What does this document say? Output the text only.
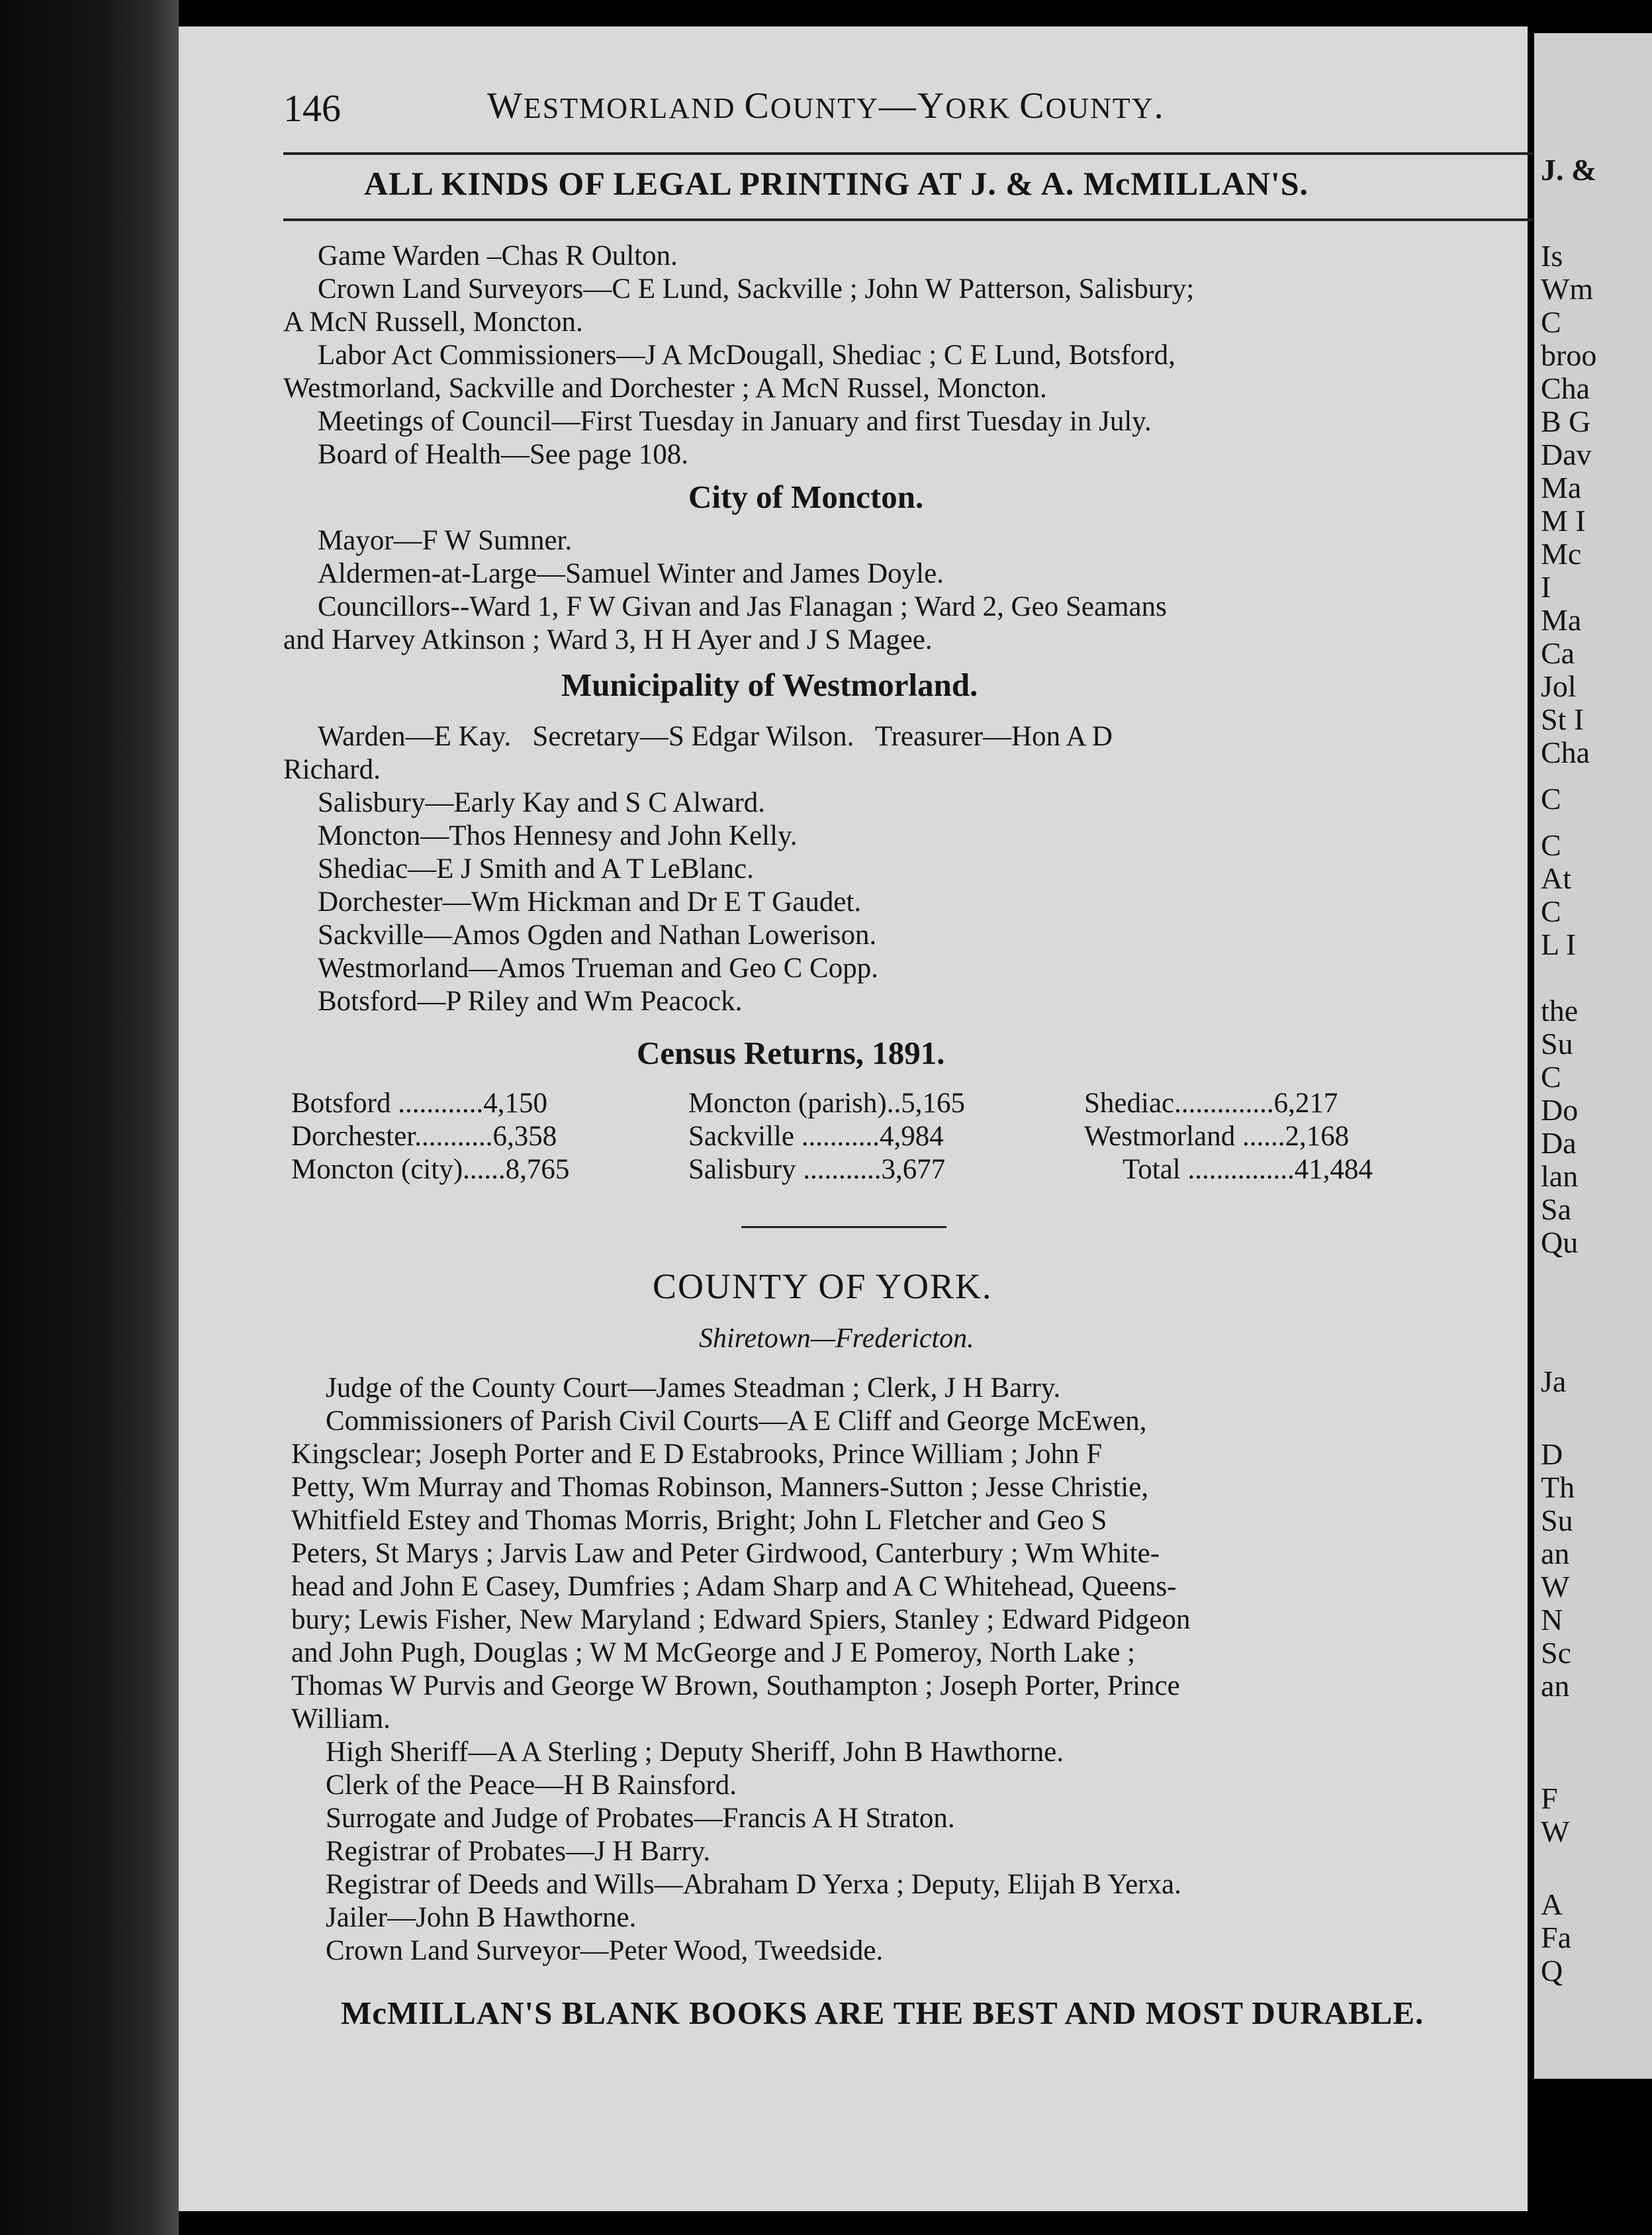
146	WESTMORLAND COUNTY—YORK COUNTY.
ALL KINDS OF LEGAL PRINTING AT J. & A. McMILLAN'S.
Game Warden –Chas R Oulton.
Crown Land Surveyors—C E Lund, Sackville ; John W Patterson, Salisbury;
A McN Russell, Moncton.
Labor Act Commissioners—J A McDougall, Shediac ; C E Lund, Botsford,
Westmorland, Sackville and Dorchester ; A McN Russel, Moncton.
Meetings of Council—First Tuesday in January and first Tuesday in July.
Board of Health—See page 108.
City of Moncton.
Mayor—F W Sumner.
Aldermen-at-Large—Samuel Winter and James Doyle.
Councillors--Ward 1, F W Givan and Jas Flanagan ; Ward 2, Geo Seamans
and Harvey Atkinson ; Ward 3, H H Ayer and J S Magee.
Municipality of Westmorland.
Warden—E Kay.   Secretary—S Edgar Wilson.   Treasurer—Hon A D
Richard.
Salisbury—Early Kay and S C Alward.
Moncton—Thos Hennesy and John Kelly.
Shediac—E J Smith and A T LeBlanc.
Dorchester—Wm Hickman and Dr E T Gaudet.
Sackville—Amos Ogden and Nathan Lowerison.
Westmorland—Amos Trueman and Geo C Copp.
Botsford—P Riley and Wm Peacock.
Census Returns, 1891.
Botsford ............4,150	Moncton (parish)..5,165	Shediac..............6,217
Dorchester...........6,358	Sackville ...........4,984	Westmorland ......2,168
Moncton (city)......8,765	Salisbury ...........3,677	Total ...............41,484
COUNTY OF YORK.
Shiretown—Fredericton.
Judge of the County Court—James Steadman ; Clerk, J H Barry.
Commissioners of Parish Civil Courts—A E Cliff and George McEwen,
Kingsclear; Joseph Porter and E D Estabrooks, Prince William ; John F
Petty, Wm Murray and Thomas Robinson, Manners-Sutton ; Jesse Christie,
Whitfield Estey and Thomas Morris, Bright; John L Fletcher and Geo S
Peters, St Marys ; Jarvis Law and Peter Girdwood, Canterbury ; Wm White-
head and John E Casey, Dumfries ; Adam Sharp and A C Whitehead, Queens-
bury; Lewis Fisher, New Maryland ; Edward Spiers, Stanley ; Edward Pidgeon
and John Pugh, Douglas ; W M McGeorge and J E Pomeroy, North Lake ;
Thomas W Purvis and George W Brown, Southampton ; Joseph Porter, Prince
William.
High Sheriff—A A Sterling ; Deputy Sheriff, John B Hawthorne.
Clerk of the Peace—H B Rainsford.
Surrogate and Judge of Probates—Francis A H Straton.
Registrar of Probates—J H Barry.
Registrar of Deeds and Wills—Abraham D Yerxa ; Deputy, Elijah B Yerxa.
Jailer—John B Hawthorne.
Crown Land Surveyor—Peter Wood, Tweedside.
McMILLAN'S BLANK BOOKS ARE THE BEST AND MOST DURABLE.
J. &
Is
Wm
C
broo
Cha
B G
Dav
Ma
M I
Mc
I
Ma
Ca
Jol
St I
Cha
C
C
At
C
L I
the
Su
C
Do
Da
lan
Sa
Qu
Ja
D
Th
Su
an
W
N
Sc
an
F
W
A
Fa
Q
